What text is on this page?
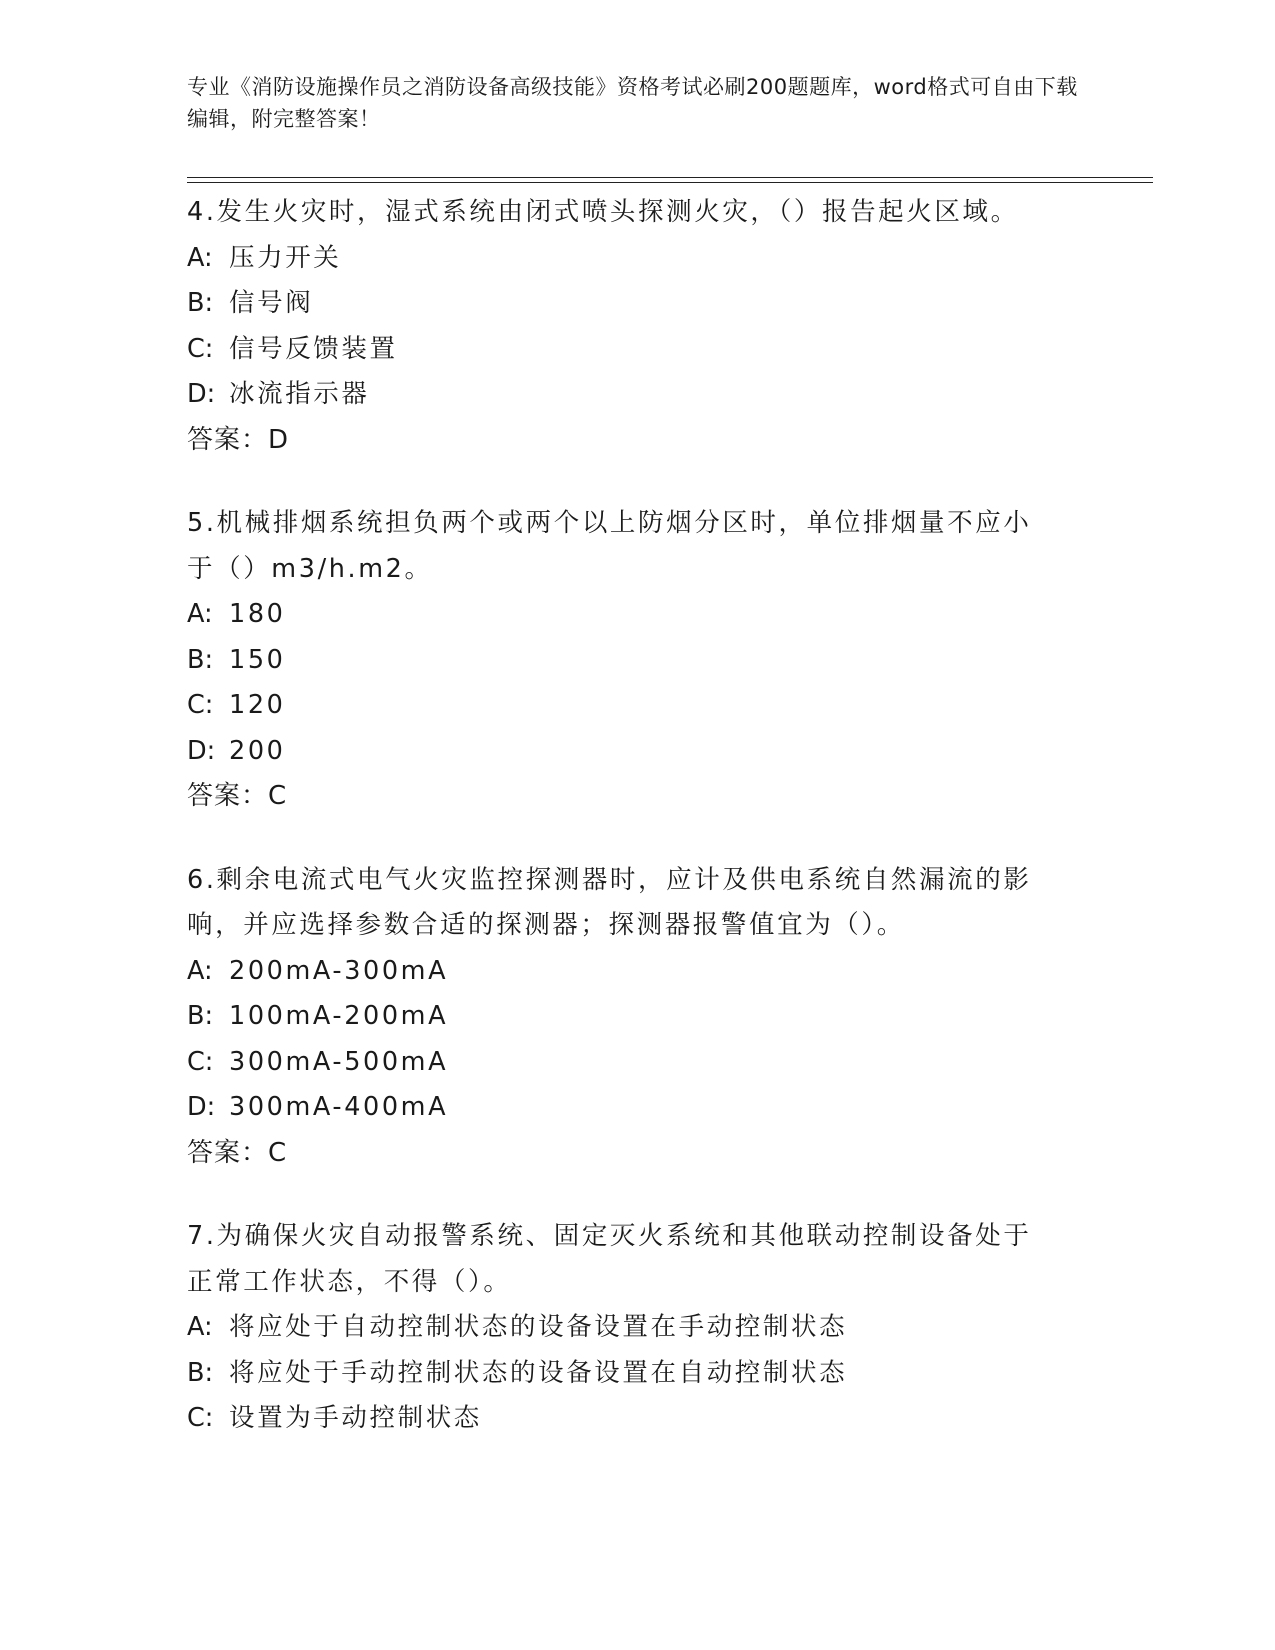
专业《消防设施操作员之消防设备高级技能》资格考试必刷200题题库，word格式可自由下载编辑，附完整答案！
4.发生火灾时，湿式系统由闭式喷头探测火灾，（）报告起火区域。
A: 压力开关
B: 信号阀
C: 信号反馈装置
D: 冰流指示器
答案：D
5.机械排烟系统担负两个或两个以上防烟分区时，单位排烟量不应小于（）m3/h.m2。
A: 180
B: 150
C: 120
D: 200
答案：C
6.剩余电流式电气火灾监控探测器时，应计及供电系统自然漏流的影响，并应选择参数合适的探测器；探测器报警值宜为（）。
A: 200mA-300mA
B: 100mA-200mA
C: 300mA-500mA
D: 300mA-400mA
答案：C
7.为确保火灾自动报警系统、固定灭火系统和其他联动控制设备处于正常工作状态，不得（）。
A: 将应处于自动控制状态的设备设置在手动控制状态
B: 将应处于手动控制状态的设备设置在自动控制状态
C: 设置为手动控制状态
